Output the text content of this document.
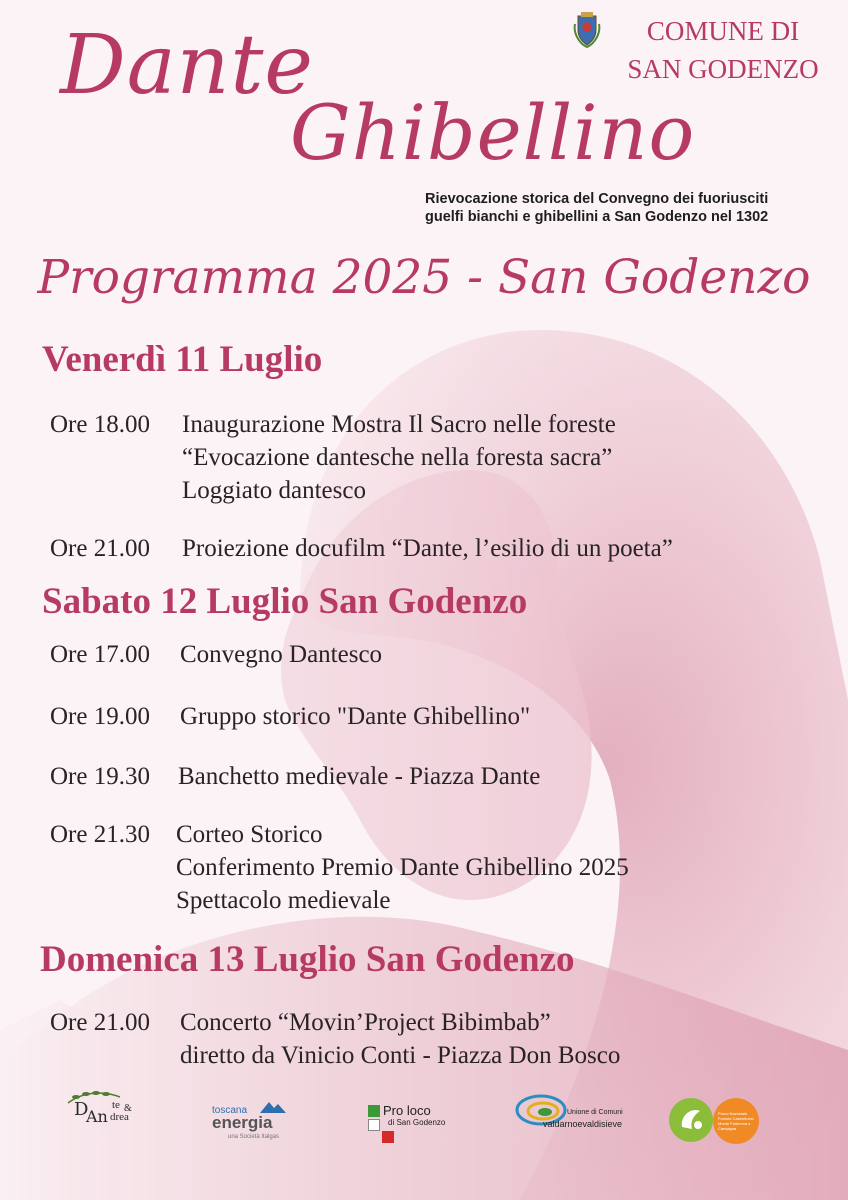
Dante
Ghibellino
COMUNE DI
SAN GODENZO
Rievocazione storica del Convegno dei fuoriusciti
guelfi bianchi e ghibellini a San Godenzo nel 1302
Programma 2025 - San Godenzo
Venerdì 11 Luglio
Ore 18.00 Inaugurazione Mostra Il Sacro nelle foreste
“Evocazione dantesche nella foresta sacra”
Loggiato dantesco
Ore 21.00 Proiezione docufilm “Dante, l’esilio di un poeta”
Sabato 12 Luglio San Godenzo
Ore 17.00 Convegno Dantesco
Ore 19.00 Gruppo storico "Dante Ghibellino"
Ore 19.30 Banchetto medievale - Piazza Dante
Ore 21.30 Corteo Storico
Conferimento Premio Dante Ghibellino 2025
Spettacolo medievale
Domenica 13 Luglio San Godenzo
Ore 21.00 Concerto “Movin’Project Bibimbab”
diretto da Vinicio Conti - Piazza Don Bosco
D
An
te &
drea
toscana
energia
una Società Italgas
Pro loco
di San Godenzo
Unione di Comuni
valdarnoevaldisieve
Parco Nazionale Foreste Casentinesi Monte Falterona e Campigna
